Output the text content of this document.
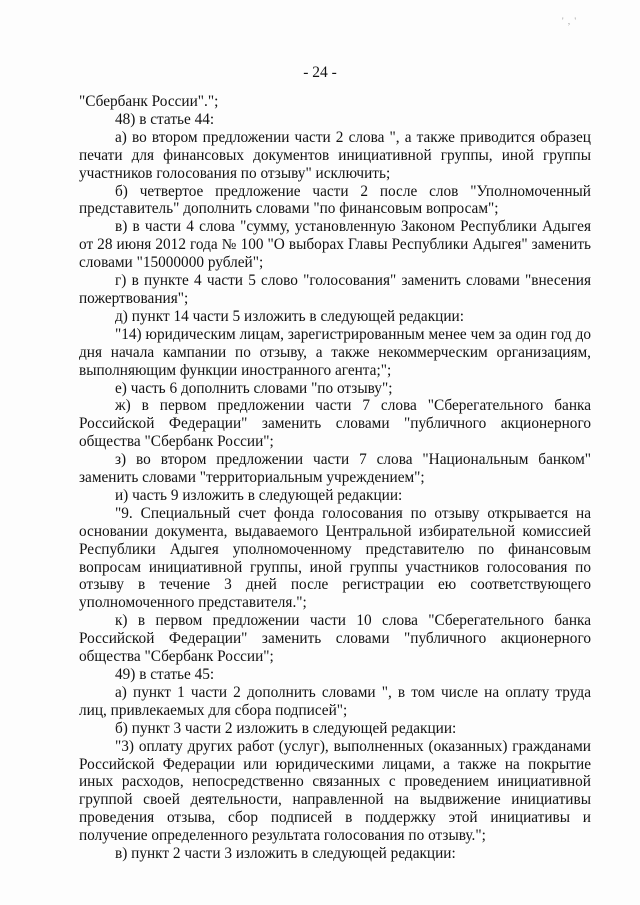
- 24 -
' , '

"Сбербанк России".";

48) в статье 44:

а) во втором предложении части 2 слова ", а также приводится образец печати для финансовых документов инициативной группы, иной группы участников голосования по отзыву" исключить;

б) четвертое предложение части 2 после слов "Уполномоченный представитель" дополнить словами "по финансовым вопросам";

в) в части 4 слова "сумму, установленную Законом Республики Адыгея от 28 июня 2012 года № 100 "О выборах Главы Республики Адыгея" заменить словами "15000000 рублей";

г) в пункте 4 части 5 слово "голосования" заменить словами "внесения пожертвования";

д) пункт 14 части 5 изложить в следующей редакции:

"14) юридическим лицам, зарегистрированным менее чем за один год до дня начала кампании по отзыву, а также некоммерческим организациям, выполняющим функции иностранного агента;";

е) часть 6 дополнить словами "по отзыву";

ж) в первом предложении части 7 слова "Сберегательного банка Российской Федерации" заменить словами "публичного акционерного общества "Сбербанк России";

з) во втором предложении части 7 слова "Национальным банком" заменить словами "территориальным учреждением";

и) часть 9 изложить в следующей редакции:

"9. Специальный счет фонда голосования по отзыву открывается на основании документа, выдаваемого Центральной избирательной комиссией Республики Адыгея уполномоченному представителю по финансовым вопросам инициативной группы, иной группы участников голосования по отзыву в течение 3 дней после регистрации ею соответствующего уполномоченного представителя.";

к) в первом предложении части 10 слова "Сберегательного банка Российской Федерации" заменить словами "публичного акционерного общества "Сбербанк России";

49) в статье 45:

а) пункт 1 части 2 дополнить словами ", в том числе на оплату труда лиц, привлекаемых для сбора подписей";

б) пункт 3 части 2 изложить в следующей редакции:

"3) оплату других работ (услуг), выполненных (оказанных) гражданами Российской Федерации или юридическими лицами, а также на покрытие иных расходов, непосредственно связанных с проведением инициативной группой своей деятельности, направленной на выдвижение инициативы проведения отзыва, сбор подписей в поддержку этой инициативы и получение определенного результата голосования по отзыву.";

в) пункт 2 части 3 изложить в следующей редакции:
